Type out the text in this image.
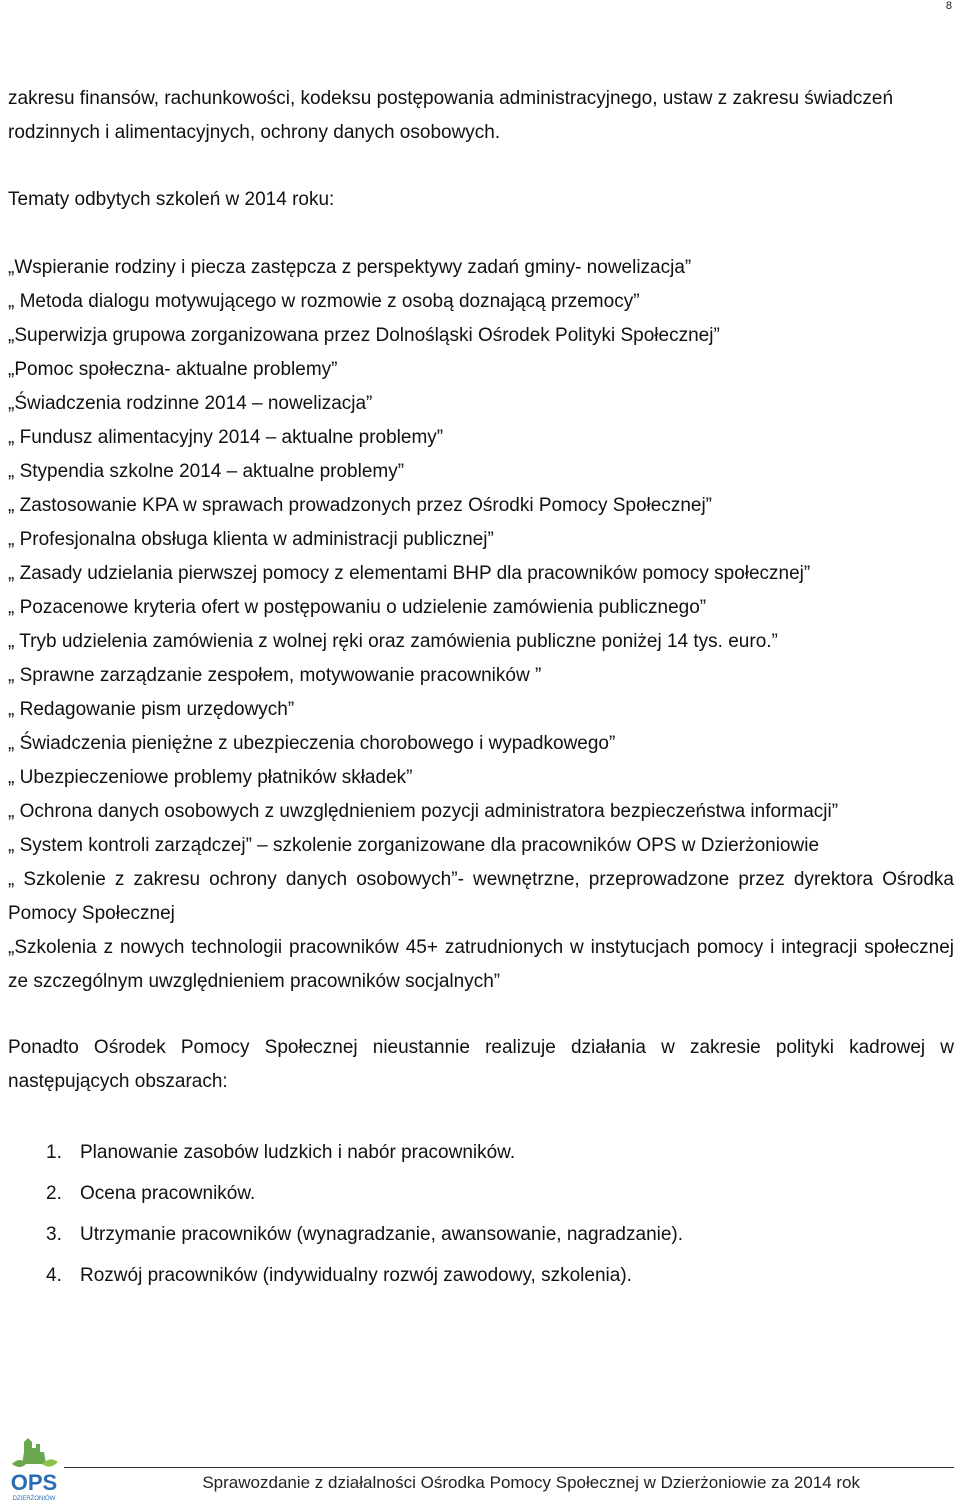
8

zakresu finansów, rachunkowości, kodeksu postępowania administracyjnego, ustaw z zakresu świadczeń rodzinnych i alimentacyjnych, ochrony danych osobowych.

Tematy odbytych szkoleń w 2014 roku:

„Wspieranie rodziny i piecza zastępcza z perspektywy zadań gminy- nowelizacja”
„ Metoda dialogu motywującego w rozmowie z osobą doznającą przemocy”
„Superwizja grupowa zorganizowana przez Dolnośląski Ośrodek Polityki Społecznej”
„Pomoc społeczna- aktualne problemy”
„Świadczenia rodzinne 2014 – nowelizacja”
„ Fundusz alimentacyjny 2014 – aktualne problemy”
„ Stypendia szkolne 2014 – aktualne problemy”
„ Zastosowanie KPA w sprawach prowadzonych przez Ośrodki Pomocy Społecznej”
„ Profesjonalna obsługa klienta w administracji publicznej”
„ Zasady udzielania pierwszej pomocy z elementami BHP dla pracowników pomocy społecznej”
„ Pozacenowe kryteria ofert w postępowaniu o udzielenie zamówienia publicznego”
„ Tryb udzielenia zamówienia z wolnej ręki oraz zamówienia publiczne poniżej 14 tys. euro.”
„ Sprawne zarządzanie zespołem, motywowanie pracowników ”
„ Redagowanie pism urzędowych”
„ Świadczenia pieniężne z ubezpieczenia chorobowego i wypadkowego”
„ Ubezpieczeniowe problemy płatników składek”
„ Ochrona danych osobowych z uwzględnieniem pozycji administratora bezpieczeństwa informacji”
„ System kontroli zarządczej” – szkolenie zorganizowane dla pracowników OPS w Dzierżoniowie
„ Szkolenie z zakresu ochrony danych osobowych”- wewnętrzne, przeprowadzone przez dyrektora Ośrodka Pomocy Społecznej
„Szkolenia z nowych technologii pracowników 45+ zatrudnionych w instytucjach pomocy i integracji społecznej ze szczególnym uwzględnieniem pracowników socjalnych”

Ponadto Ośrodek Pomocy Społecznej nieustannie realizuje działania w zakresie polityki kadrowej w następujących obszarach:

1. Planowanie zasobów ludzkich i nabór pracowników.
2. Ocena pracowników.
3. Utrzymanie pracowników (wynagradzanie, awansowanie, nagradzanie).
4. Rozwój pracowników (indywidualny rozwój zawodowy, szkolenia).
OPS
DZIERŻONIÓW
Sprawozdanie z działalności Ośrodka Pomocy Społecznej w Dzierżoniowie za 2014 rok
